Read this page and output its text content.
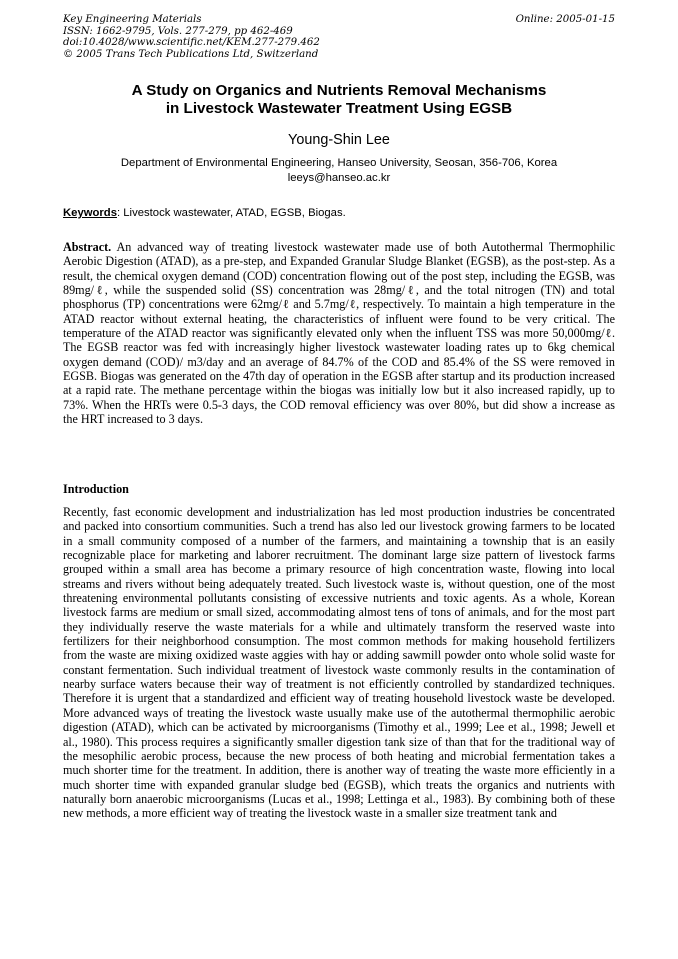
Key Engineering Materials
ISSN: 1662-9795, Vols. 277-279, pp 462-469
doi:10.4028/www.scientific.net/KEM.277-279.462
© 2005 Trans Tech Publications Ltd, Switzerland
Online: 2005-01-15
A Study on Organics and Nutrients Removal Mechanisms
in Livestock Wastewater Treatment Using EGSB
Young-Shin Lee
Department of Environmental Engineering, Hanseo University, Seosan, 356-706, Korea
leeys@hanseo.ac.kr
Keywords: Livestock wastewater, ATAD, EGSB, Biogas.
Abstract. An advanced way of treating livestock wastewater made use of both Autothermal Thermophilic Aerobic Digestion (ATAD), as a pre-step, and Expanded Granular Sludge Blanket (EGSB), as the post-step. As a result, the chemical oxygen demand (COD) concentration flowing out of the post step, including the EGSB, was 89mg/ℓ, while the suspended solid (SS) concentration was 28mg/ℓ, and the total nitrogen (TN) and total phosphorus (TP) concentrations were 62mg/ℓ and 5.7mg/ℓ, respectively. To maintain a high temperature in the ATAD reactor without external heating, the characteristics of influent were found to be very critical. The temperature of the ATAD reactor was significantly elevated only when the influent TSS was more 50,000mg/ℓ. The EGSB reactor was fed with increasingly higher livestock wastewater loading rates up to 6kg chemical oxygen demand (COD)/ m3/day and an average of 84.7% of the COD and 85.4% of the SS were removed in EGSB. Biogas was generated on the 47th day of operation in the EGSB after startup and its production increased at a rapid rate. The methane percentage within the biogas was initially low but it also increased rapidly, up to 73%. When the HRTs were 0.5-3 days, the COD removal efficiency was over 80%, but did show a increase as the HRT increased to 3 days.
Introduction
Recently, fast economic development and industrialization has led most production industries be concentrated and packed into consortium communities. Such a trend has also led our livestock growing farmers to be located in a small community composed of a number of the farmers, and maintaining a township that is an easily recognizable place for marketing and laborer recruitment. The dominant large size pattern of livestock farms grouped within a small area has become a primary resource of high concentration waste, flowing into local streams and rivers without being adequately treated. Such livestock waste is, without question, one of the most threatening environmental pollutants consisting of excessive nutrients and toxic agents. As a whole, Korean livestock farms are medium or small sized, accommodating almost tens of tons of animals, and for the most part they individually reserve the waste materials for a while and ultimately transform the reserved waste into fertilizers for their neighborhood consumption. The most common methods for making household fertilizers from the waste are mixing oxidized waste aggies with hay or adding sawmill powder onto whole solid waste for constant fermentation. Such individual treatment of livestock waste commonly results in the contamination of nearby surface waters because their way of treatment is not efficiently controlled by standardized techniques. Therefore it is urgent that a standardized and efficient way of treating household livestock waste be developed. More advanced ways of treating the livestock waste usually make use of the autothermal thermophilic aerobic digestion (ATAD), which can be activated by microorganisms (Timothy et al., 1999; Lee et al., 1998; Jewell et al., 1980). This process requires a significantly smaller digestion tank size of than that for the traditional way of the mesophilic aerobic process, because the new process of both heating and microbial fermentation takes a much shorter time for the treatment. In addition, there is another way of treating the waste more efficiently in a much shorter time with expanded granular sludge bed (EGSB), which treats the organics and nutrients with naturally born anaerobic microorganisms (Lucas et al., 1998; Lettinga et al., 1983). By combining both of these new methods, a more efficient way of treating the livestock waste in a smaller size treatment tank and
